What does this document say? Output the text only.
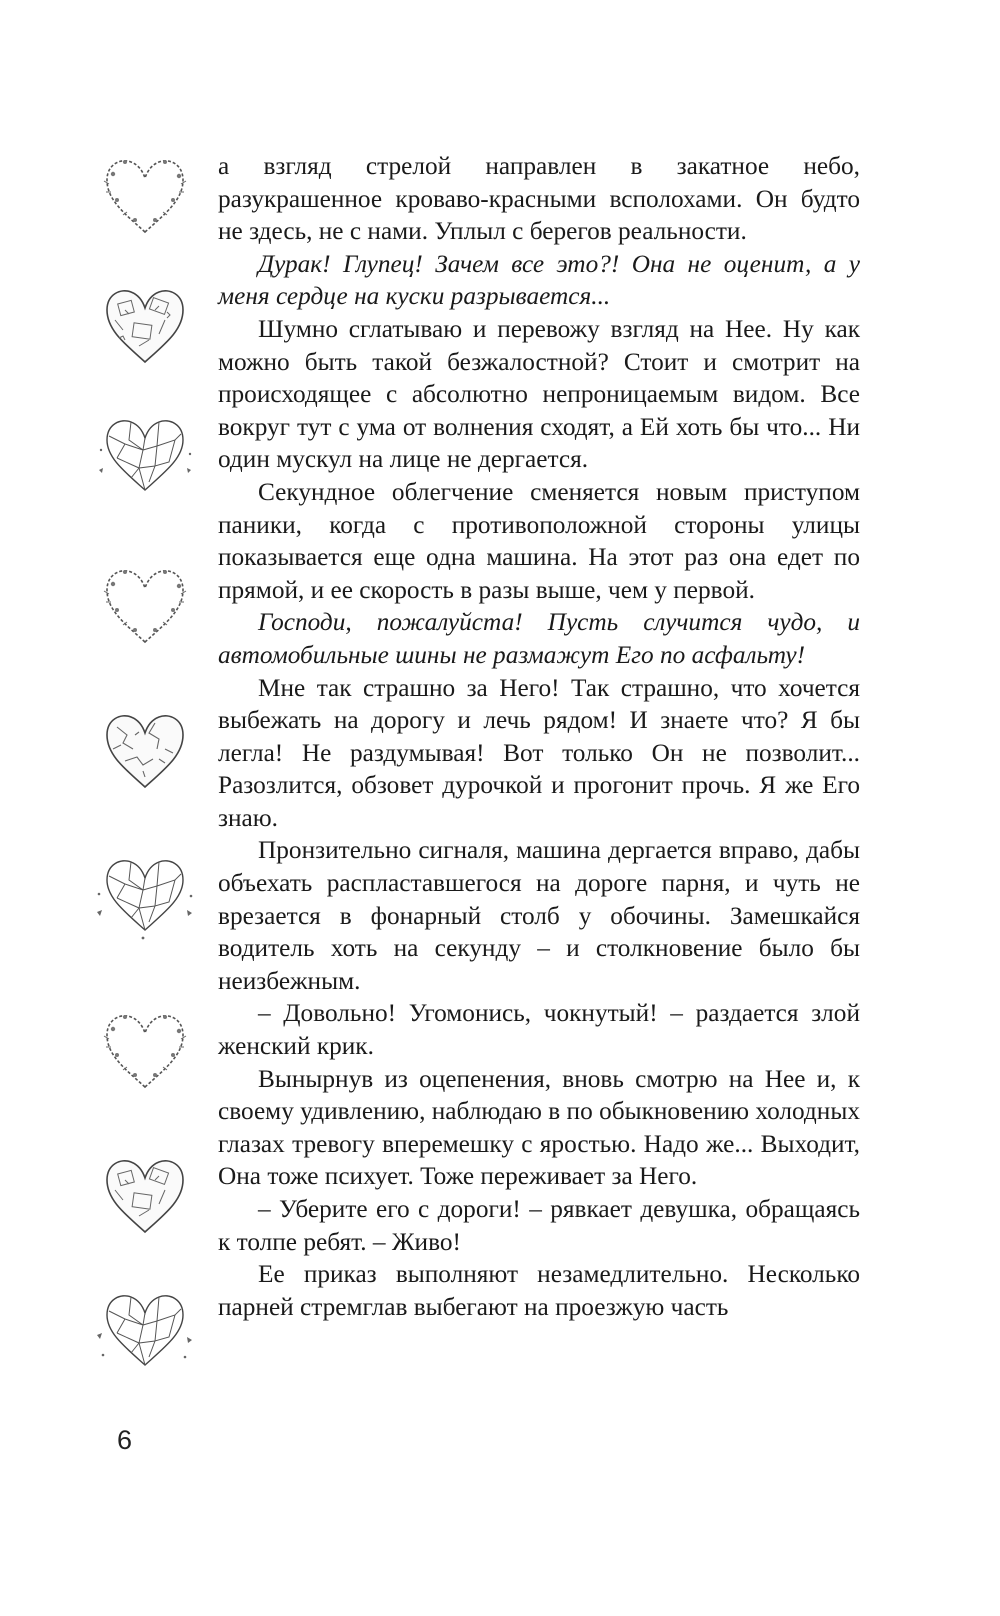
а взгляд стрелой направлен в закатное небо, разукрашенное кроваво-красными всполохами. Он будто не здесь, не с нами. Уплыл с берегов реальности.

Дурак! Глупец! Зачем все это?! Она не оценит, а у меня сердце на куски разрывается...

Шумно сглатываю и перевожу взгляд на Нее. Ну как можно быть такой безжалостной? Стоит и смотрит на происходящее с абсолютно непроницаемым видом. Все вокруг тут с ума от волнения сходят, а Ей хоть бы что... Ни один мускул на лице не дергается.

Секундное облегчение сменяется новым приступом паники, когда с противоположной стороны улицы показывается еще одна машина. На этот раз она едет по прямой, и ее скорость в разы выше, чем у первой.

Господи, пожалуйста! Пусть случится чудо, и автомобильные шины не размажут Его по асфальту!

Мне так страшно за Него! Так страшно, что хочется выбежать на дорогу и лечь рядом! И знаете что? Я бы легла! Не раздумывая! Вот только Он не позволит... Разозлится, обзовет дурочкой и прогонит прочь. Я же Его знаю.

Пронзительно сигналя, машина дергается вправо, дабы объехать распластавшегося на дороге парня, и чуть не врезается в фонарный столб у обочины. Замешкайся водитель хоть на секунду – и столкновение было бы неизбежным.

– Довольно! Угомонись, чокнутый! – раздается злой женский крик.

Вынырнув из оцепенения, вновь смотрю на Нее и, к своему удивлению, наблюдаю в по обыкновению холодных глазах тревогу вперемешку с яростью. Надо же... Выходит, Она тоже психует. Тоже переживает за Него.

– Уберите его с дороги! – рявкает девушка, обращаясь к толпе ребят. – Живо!

Ее приказ выполняют незамедлительно. Несколько парней стремглав выбегают на проезжую часть

6
